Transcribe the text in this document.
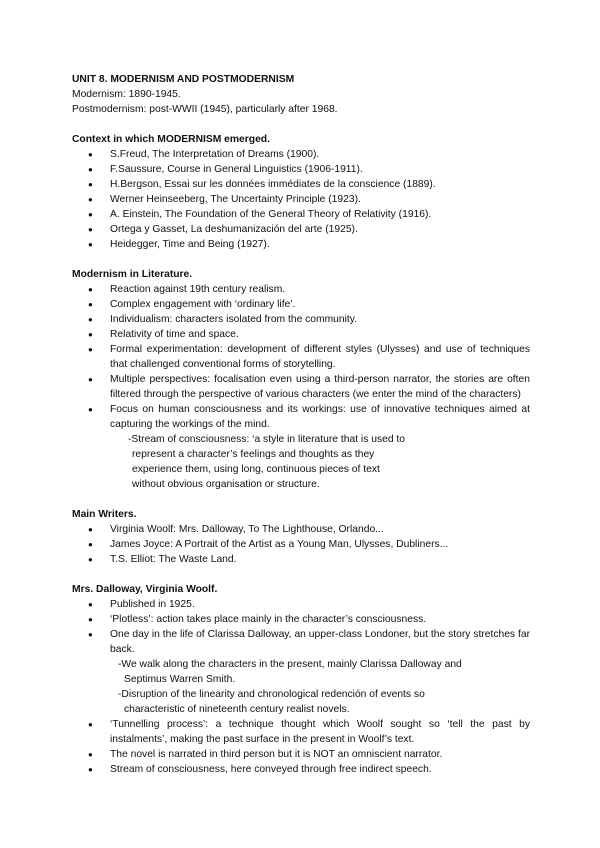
UNIT 8. MODERNISM AND POSTMODERNISM

Modernism: 1890-1945.

Postmodernism: post-WWII (1945), particularly after 1968.

Context in which MODERNISM emerged.

● S.Freud, The Interpretation of Dreams (1900).
● F.Saussure, Course in General Linguistics (1906-1911).
● H.Bergson, Essai sur les données immédiates de la conscience (1889).
● Werner Heinseeberg, The Uncertainty Principle (1923).
● A. Einstein, The Foundation of the General Theory of Relativity (1916).
● Ortega y Gasset, La deshumanización del arte (1925).
● Heidegger, Time and Being (1927).

Modernism in Literature.

● Reaction against 19th century realism.
● Complex engagement with ‘ordinary life’.
● Individualism: characters isolated from the community.
● Relativity of time and space.
● Formal experimentation: development of different styles (Ulysses) and use of techniques that challenged conventional forms of storytelling.
● Multiple perspectives: focalisation even using a third-person narrator, the stories are often filtered through the perspective of various characters (we enter the mind of the characters)
● Focus on human consciousness and its workings: use of innovative techniques aimed at capturing the workings of the mind.

-Stream of consciousness: ‘a style in literature that is used to

represent a character’s feelings and thoughts as they

experience them, using long, continuous pieces of text

without obvious organisation or structure.

Main Writers.

● Virginia Woolf: Mrs. Dalloway, To The Lighthouse, Orlando...
● James Joyce: A Portrait of the Artist as a Young Man, Ulysses, Dubliners...
● T.S. Elliot: The Waste Land.

Mrs. Dalloway, Virginia Woolf.

● Published in 1925.
● ‘Plotless’: action takes place mainly in the character’s consciousness.
● One day in the life of Clarissa Dalloway, an upper-class Londoner, but the story stretches far back.

-We walk along the characters in the present, mainly Clarissa Dalloway and

Septimus Warren Smith.

-Disruption of the linearity and chronological redención of events so

characteristic of nineteenth century realist novels.

● ‘Tunnelling process’: a technique thought which Woolf sought so ‘tell the past by instalments’, making the past surface in the present in Woolf’s text.
● The novel is narrated in third person but it is NOT an omniscient narrator.
● Stream of consciousness, here conveyed through free indirect speech.
